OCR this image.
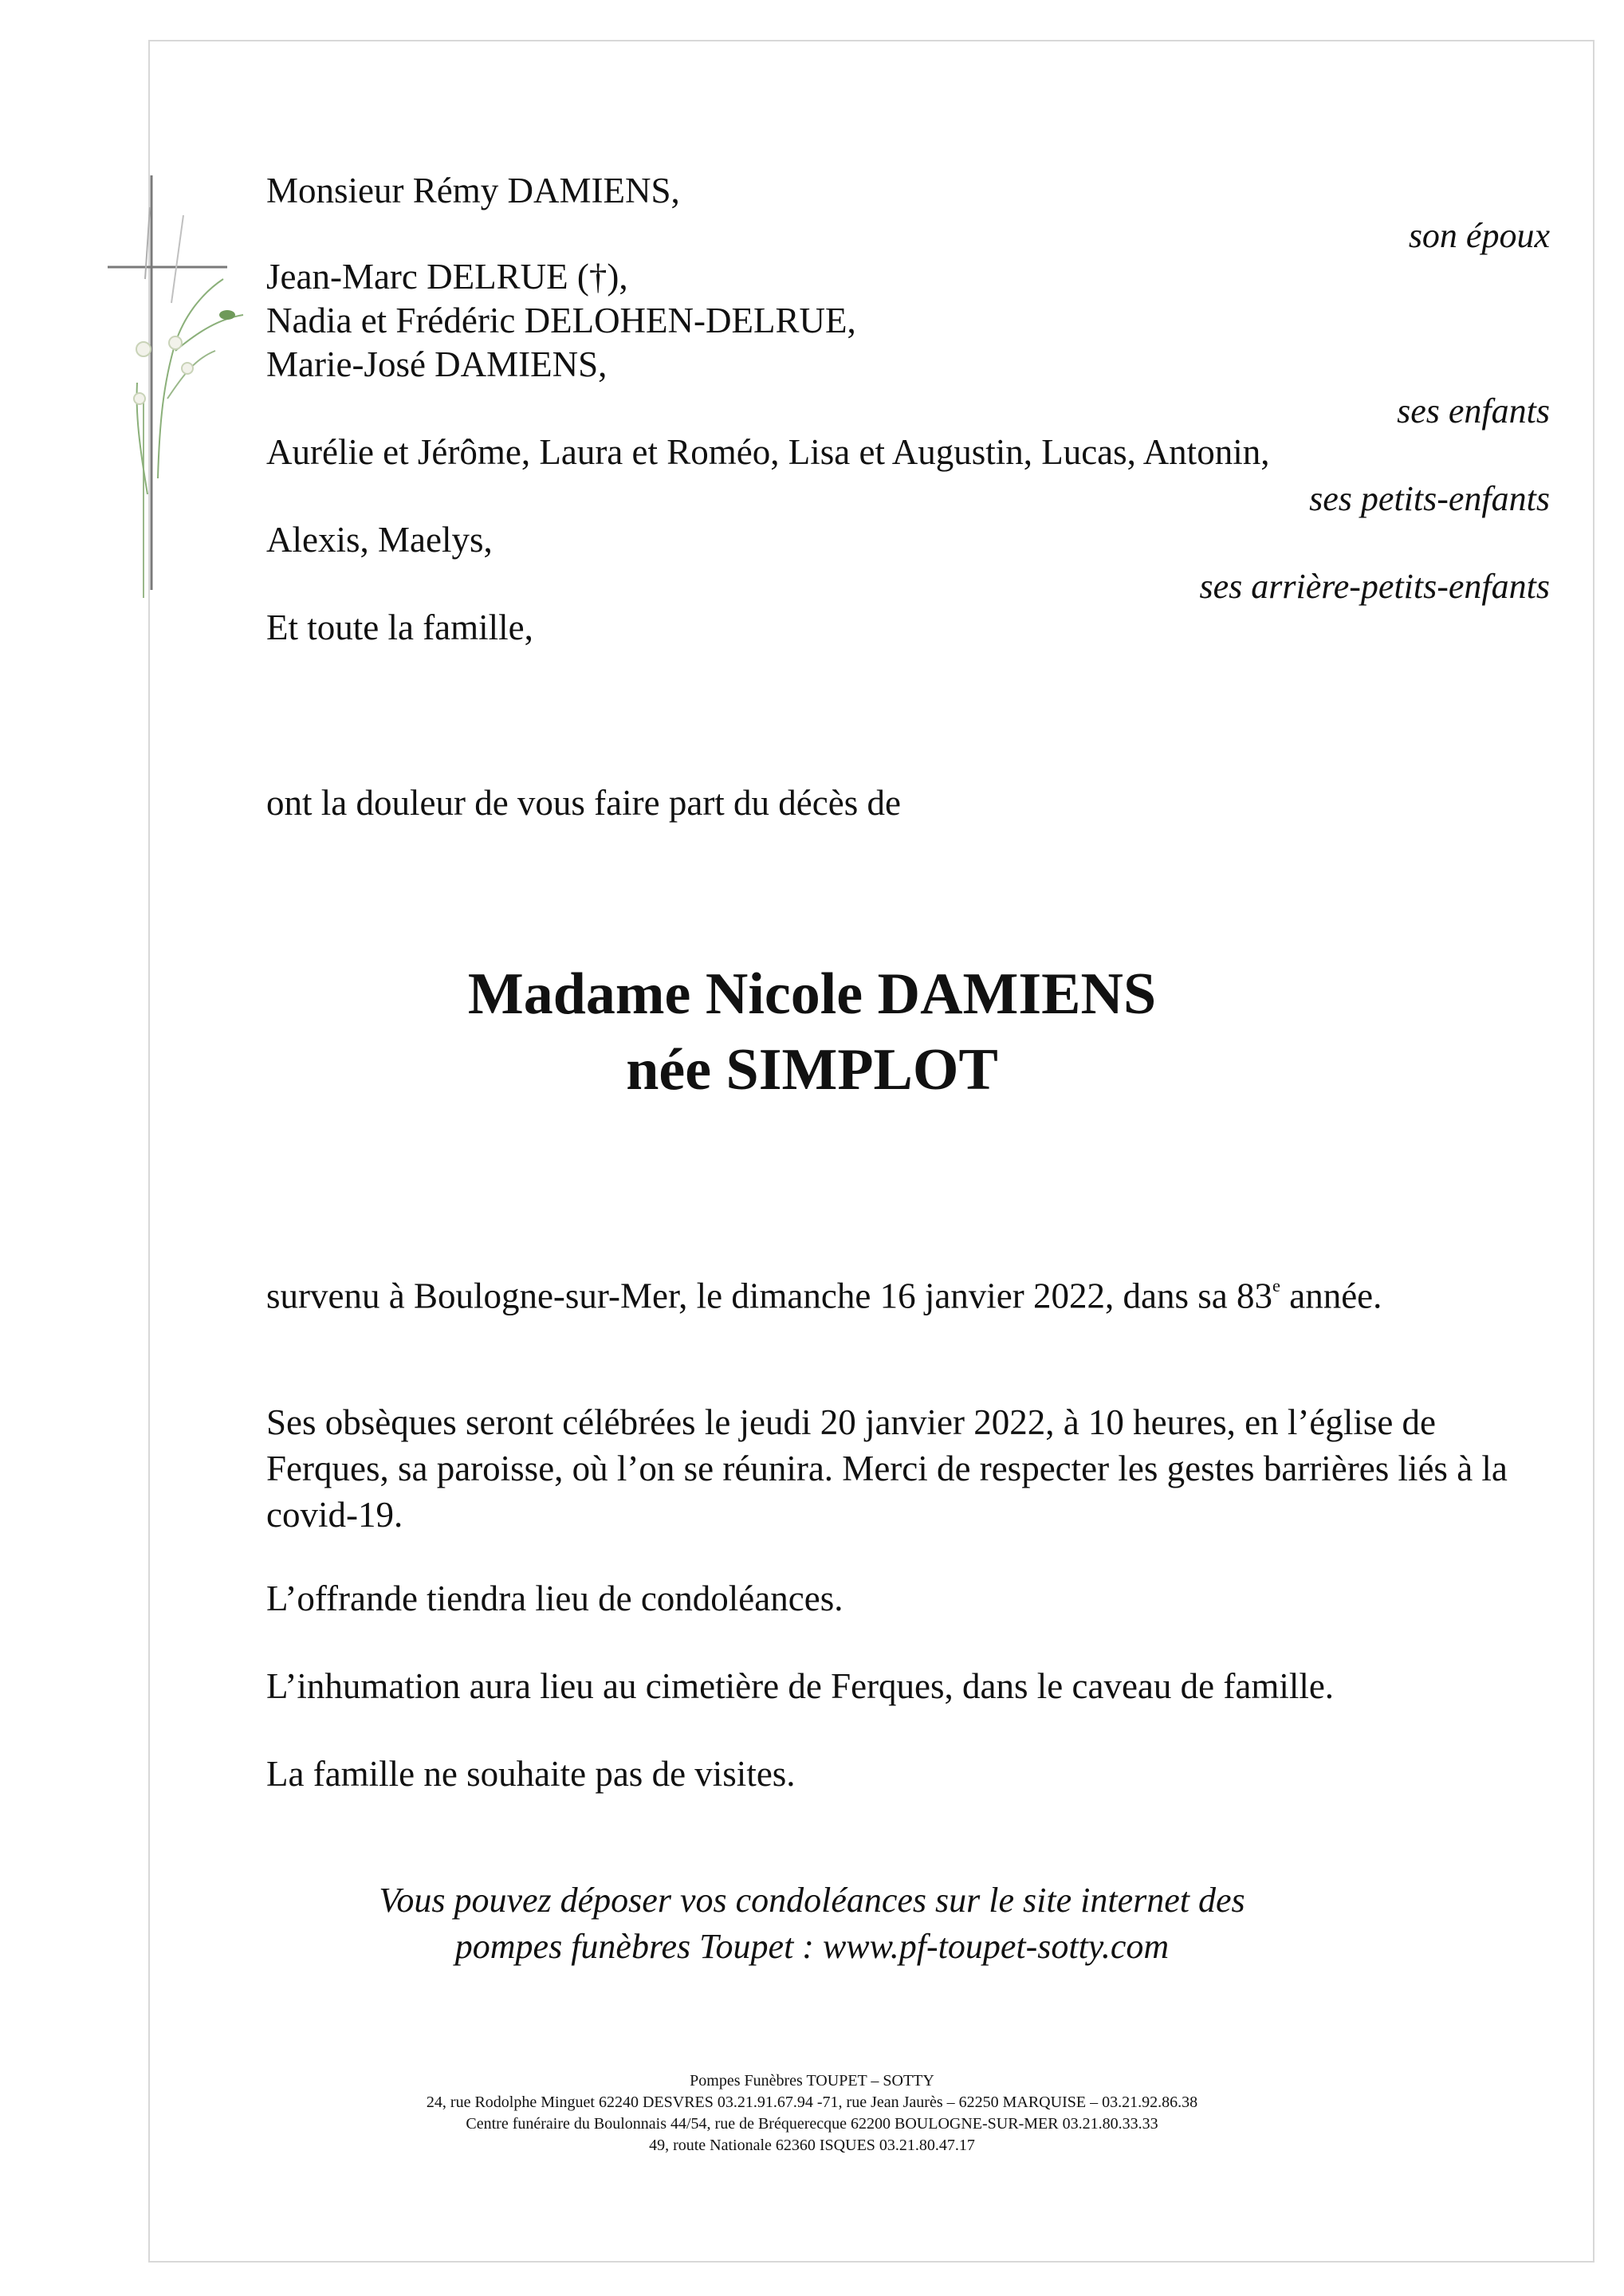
Monsieur Rémy DAMIENS,
son époux
Jean-Marc DELRUE (†),
Nadia et Frédéric DELOHEN-DELRUE,
Marie-José DAMIENS,
ses enfants
Aurélie et Jérôme, Laura et Roméo, Lisa et Augustin, Lucas, Antonin,
ses petits-enfants
Alexis, Maelys,
ses arrière-petits-enfants
Et toute la famille,
ont la douleur de vous faire part du décès de
Madame Nicole DAMIENS
née SIMPLOT
survenu à Boulogne-sur-Mer, le dimanche 16 janvier 2022, dans sa 83e année.
Ses obsèques seront célébrées le jeudi 20 janvier 2022, à 10 heures, en l’église de Ferques, sa paroisse, où l’on se réunira. Merci de respecter les gestes barrières liés à la covid-19.
L’offrande tiendra lieu de condoléances.
L’inhumation aura lieu au cimetière de Ferques, dans le caveau de famille.
La famille ne souhaite pas de visites.
Vous pouvez déposer vos condoléances sur le site internet des
pompes funèbres Toupet : www.pf-toupet-sotty.com
Pompes Funèbres TOUPET – SOTTY
24, rue Rodolphe Minguet 62240 DESVRES 03.21.91.67.94 -71, rue Jean Jaurès – 62250 MARQUISE – 03.21.92.86.38
Centre funéraire du Boulonnais 44/54, rue de Bréquerecque 62200 BOULOGNE-SUR-MER 03.21.80.33.33
49, route Nationale 62360 ISQUES 03.21.80.47.17
